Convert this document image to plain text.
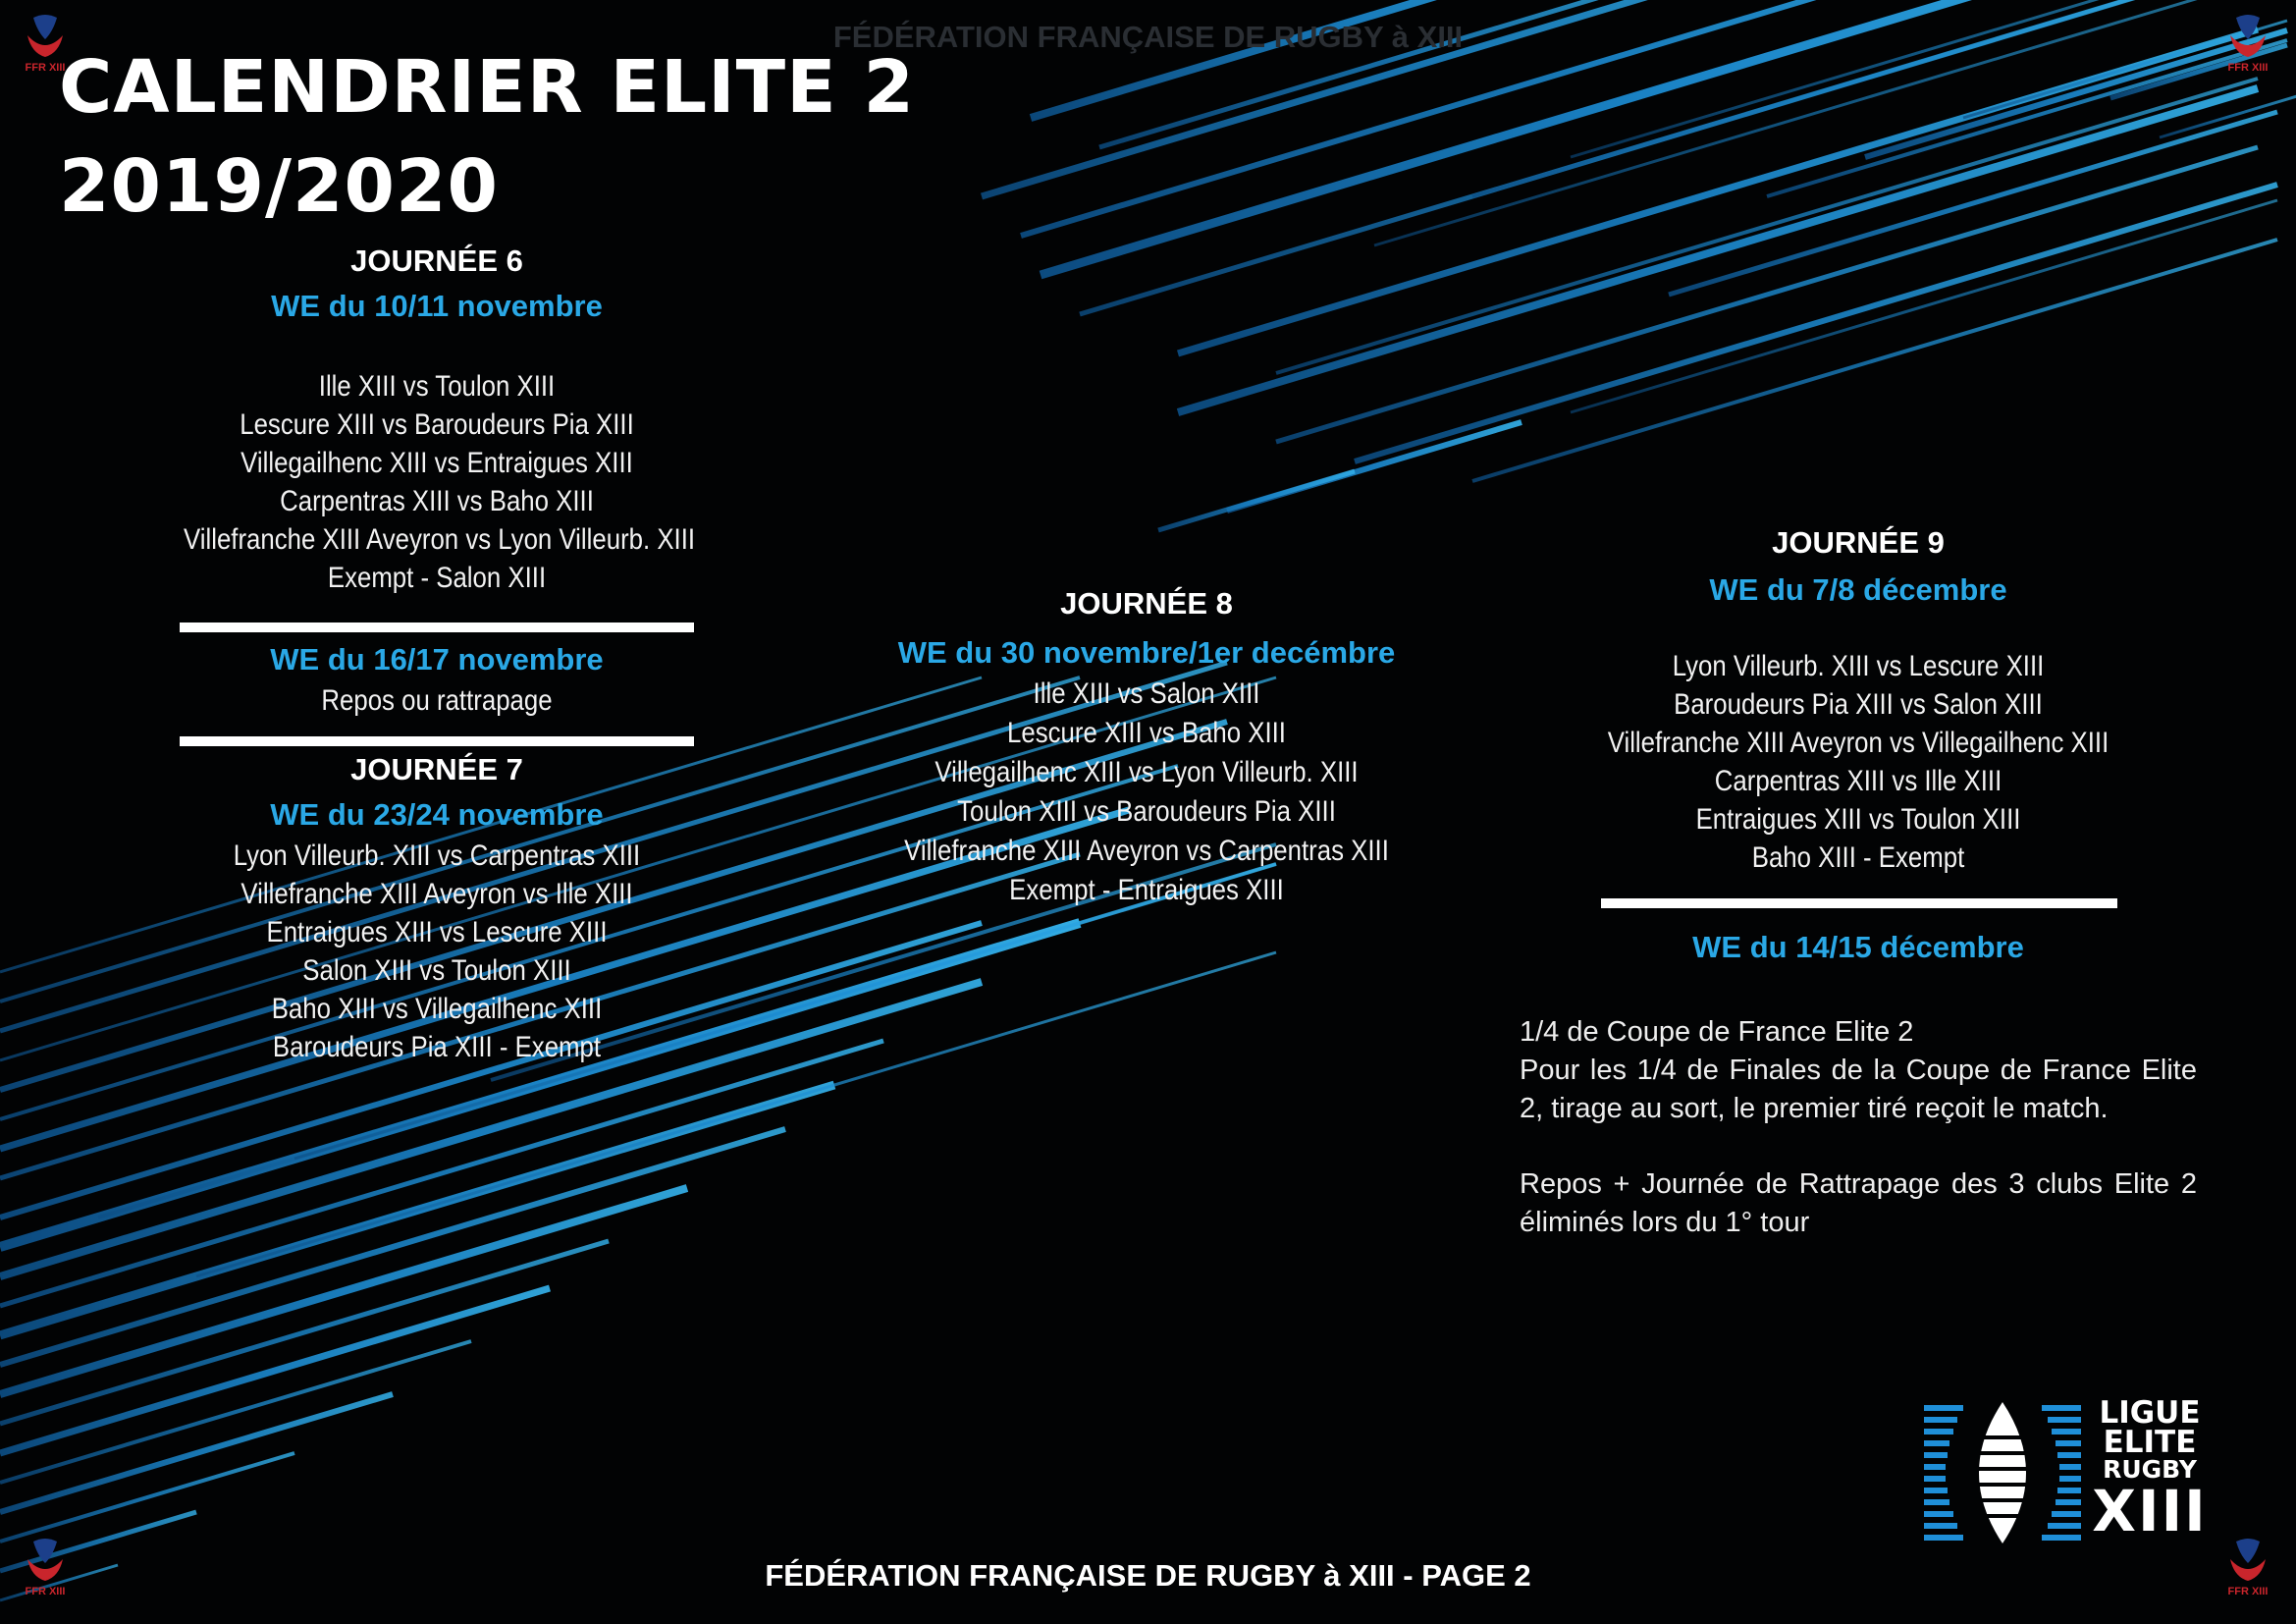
FÉDÉRATION FRANÇAISE DE RUGBY à XIII
FFR XIII	FFR XIII
FFR XIII	FFR XIII
CALENDRIER ELITE 2
2019/2020
JOURNÉE 6
WE du 10/11 novembre
Ille XIII vs Toulon XIII
Lescure XIII vs Baroudeurs Pia XIII
Villegailhenc XIII vs Entraigues XIII
Carpentras XIII vs Baho XIII
Villefranche XIII Aveyron vs Lyon Villeurb. XIII
Exempt - Salon XIII
WE du 16/17 novembre
Repos ou rattrapage
JOURNÉE 7
WE du 23/24 novembre
Lyon Villeurb. XIII vs Carpentras XIII
Villefranche XIII Aveyron vs Ille XIII
Entraigues XIII vs Lescure XIII
Salon XIII vs Toulon XIII
Baho XIII vs Villegailhenc XIII
Baroudeurs Pia XIII - Exempt
JOURNÉE 8
WE du 30 novembre/1er decémbre
Ille XIII vs Salon XIII
Lescure XIII vs Baho XIII
Villegailhenc XIII vs Lyon Villeurb. XIII
Toulon XIII vs Baroudeurs Pia XIII
Villefranche XIII Aveyron vs Carpentras XIII
Exempt - Entraigues XIII
JOURNÉE 9
WE du 7/8 décembre
Lyon Villeurb. XIII vs Lescure XIII
Baroudeurs Pia XIII vs Salon XIII
Villefranche XIII Aveyron vs Villegailhenc XIII
Carpentras XIII vs Ille XIII
Entraigues XIII vs Toulon XIII
Baho XIII - Exempt
WE du 14/15 décembre
1/4 de Coupe de France Elite 2
Pour les 1/4 de Finales de la Coupe de France Elite 2, tirage au sort, le premier tiré reçoit le match.
Repos + Journée de Rattrapage des 3 clubs Elite 2 éliminés lors du 1° tour
LIGUE
ELITE
RUGBY
XIII
FÉDÉRATION FRANÇAISE DE RUGBY à XIII - PAGE 2
